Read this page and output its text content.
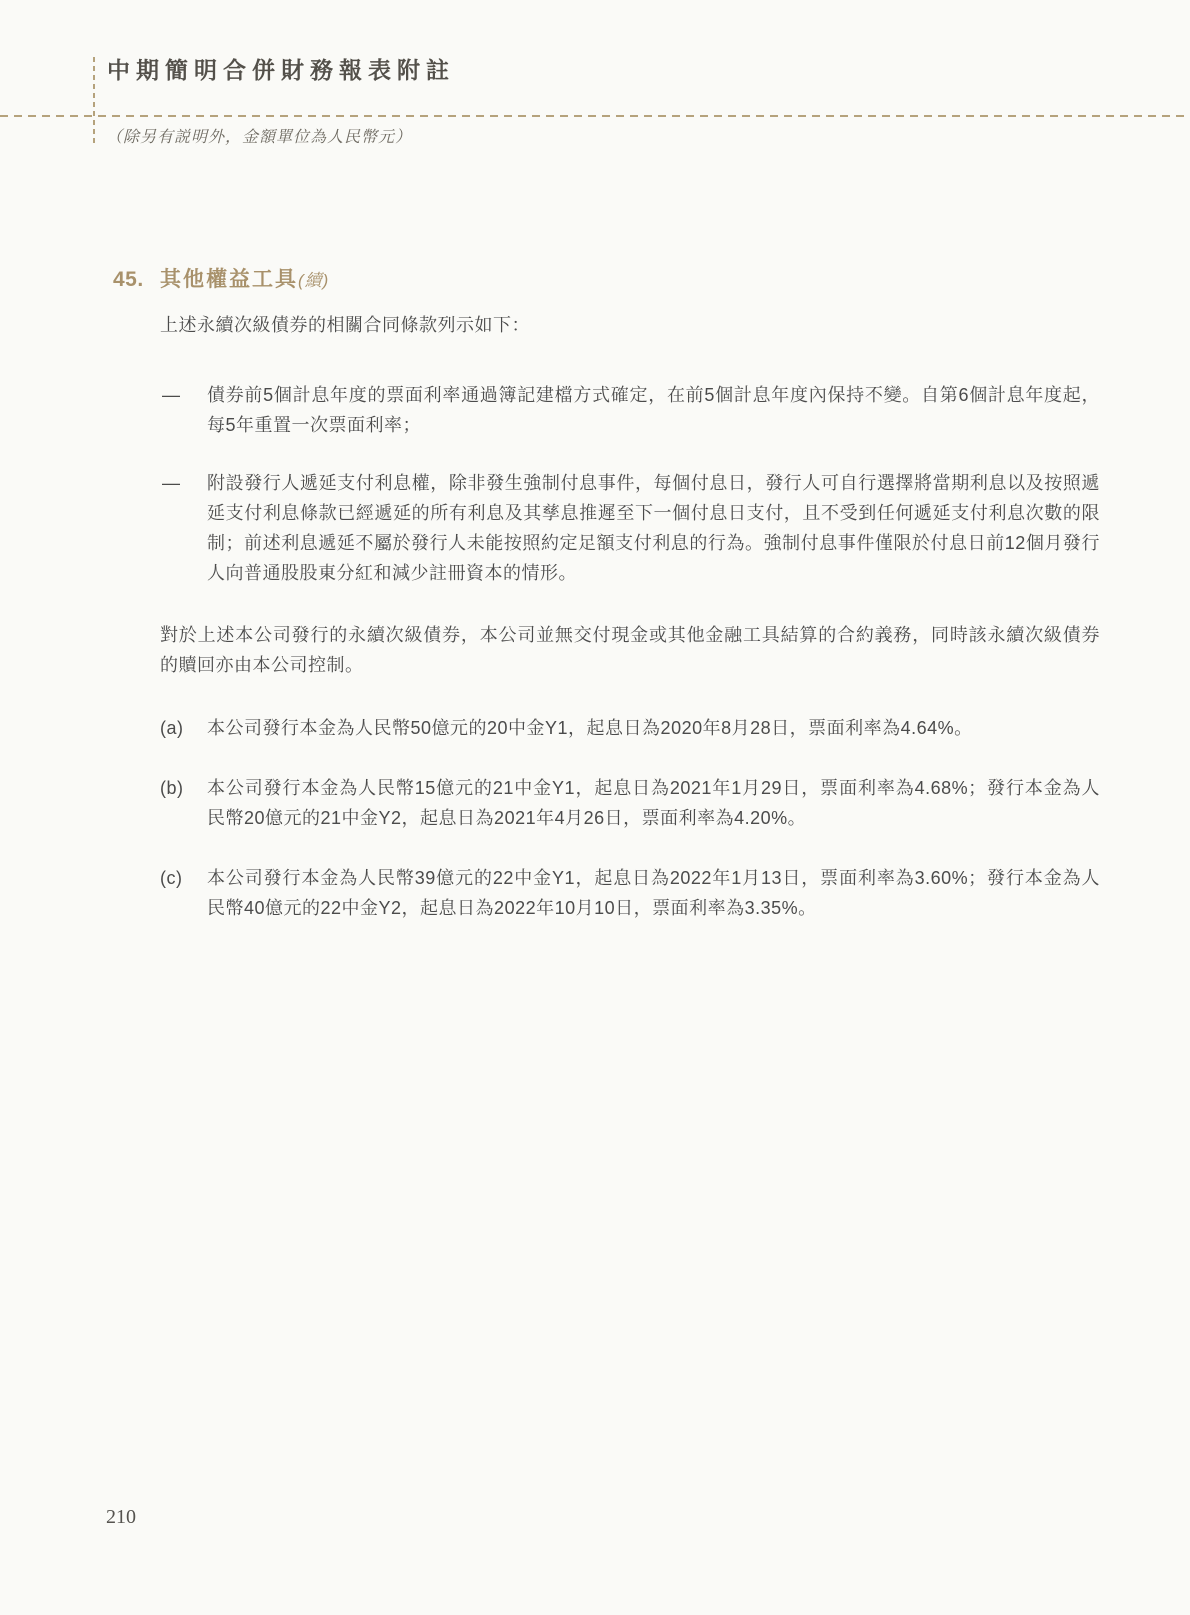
中期簡明合併財務報表附註
（除另有説明外，金額單位為人民幣元）
45. 其他權益工具(續)
上述永續次級債券的相關合同條款列示如下：
— 債券前5個計息年度的票面利率通過簿記建檔方式確定，在前5個計息年度內保持不變。自第6個計息年度起，每5年重置一次票面利率；
— 附設發行人遞延支付利息權，除非發生強制付息事件，每個付息日，發行人可自行選擇將當期利息以及按照遞延支付利息條款已經遞延的所有利息及其孳息推遲至下一個付息日支付，且不受到任何遞延支付利息次數的限制；前述利息遞延不屬於發行人未能按照約定足額支付利息的行為。強制付息事件僅限於付息日前12個月發行人向普通股股東分紅和減少註冊資本的情形。
對於上述本公司發行的永續次級債券，本公司並無交付現金或其他金融工具結算的合約義務，同時該永續次級債券的贖回亦由本公司控制。
(a) 本公司發行本金為人民幣50億元的20中金Y1，起息日為2020年8月28日，票面利率為4.64%。
(b) 本公司發行本金為人民幣15億元的21中金Y1，起息日為2021年1月29日，票面利率為4.68%；發行本金為人民幣20億元的21中金Y2，起息日為2021年4月26日，票面利率為4.20%。
(c) 本公司發行本金為人民幣39億元的22中金Y1，起息日為2022年1月13日，票面利率為3.60%；發行本金為人民幣40億元的22中金Y2，起息日為2022年10月10日，票面利率為3.35%。
210
